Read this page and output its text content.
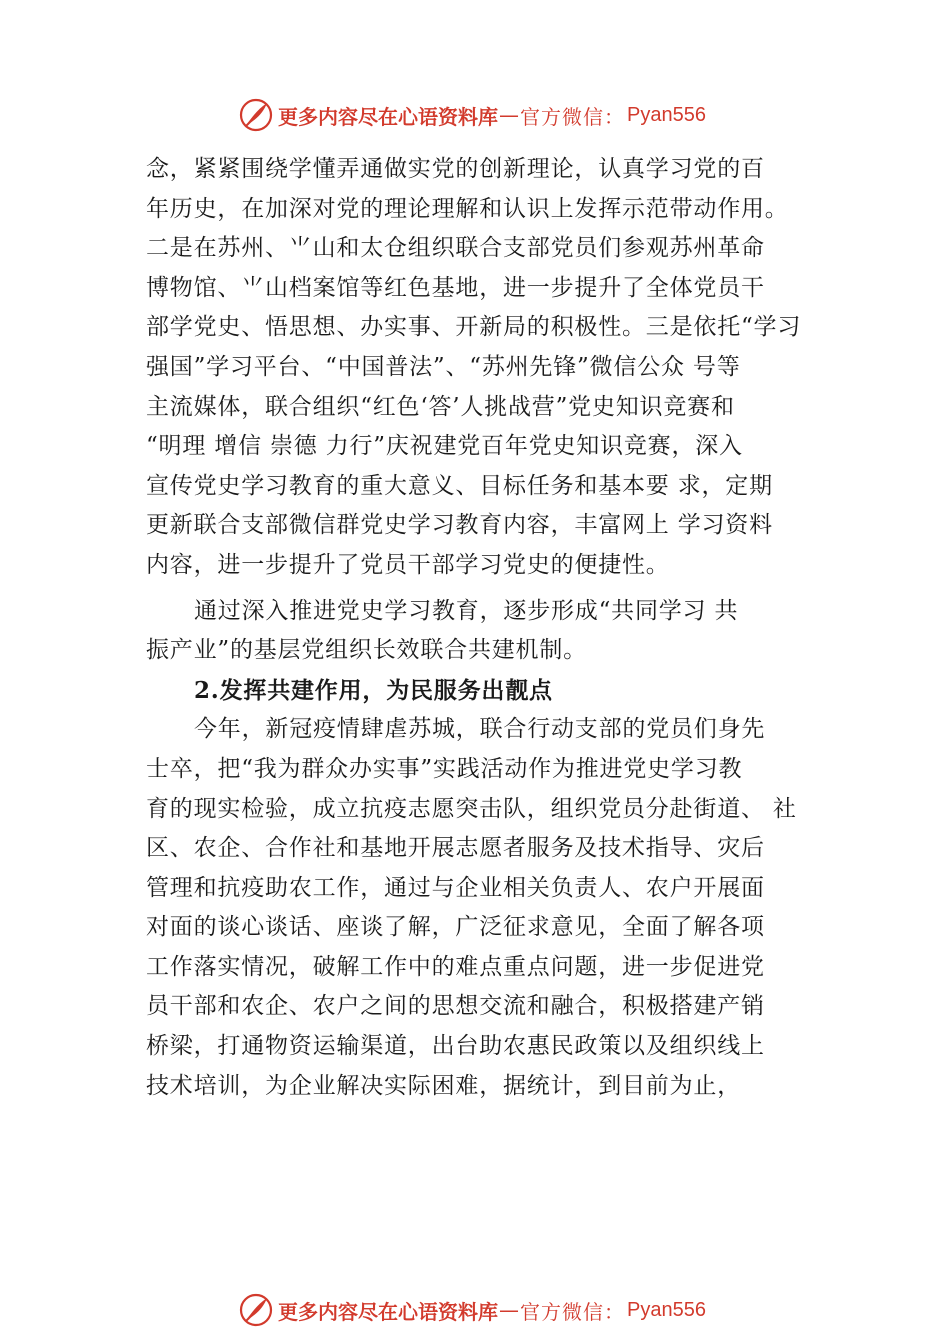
更多内容尽在心语资料库 — 官方微信： Pyan556
念，紧紧围绕学懂弄通做实党的创新理论，认真学习党的百
年历史，在加深对党的理论理解和认识上发挥示范带动作用。
二是在苏州、⺌山和太仓组织联合支部党员们参观苏州革命
博物馆、⺌山档案馆等红色基地，进一步提升了全体党员干
部学党史、悟思想、办实事、开新局的积极性。三是依托“学习
强国”学习平台、“中国普法”、“苏州先锋”微信公众 号等
主流媒体，联合组织“红色‘答’人挑战营”党史知识竞赛和
“明理 增信 崇德 力行”庆祝建党百年党史知识竞赛，深入
宣传党史学习教育的重大意义、目标任务和基本要 求，定期
更新联合支部微信群党史学习教育内容，丰富网上 学习资料
内容，进一步提升了党员干部学习党史的便捷性。
通过深入推进党史学习教育，逐步形成“共同学习 共
振产业”的基层党组织长效联合共建机制。
2.发挥共建作用，为民服务出靓点
今年，新冠疫情肆虐苏城，联合行动支部的党员们身先
士卒，把“我为群众办实事”实践活动作为推进党史学习教
育的现实检验，成立抗疫志愿突击队，组织党员分赴街道、 社
区、农企、合作社和基地开展志愿者服务及技术指导、灾后
管理和抗疫助农工作，通过与企业相关负责人、农户开展面
对面的谈心谈话、座谈了解，广泛征求意见，全面了解各项
工作落实情况，破解工作中的难点重点问题，进一步促进党
员干部和农企、农户之间的思想交流和融合，积极搭建产销
桥梁，打通物资运输渠道，出台助农惠民政策以及组织线上
技术培训，为企业解决实际困难，据统计，到目前为止，
更多内容尽在心语资料库 — 官方微信： Pyan556
